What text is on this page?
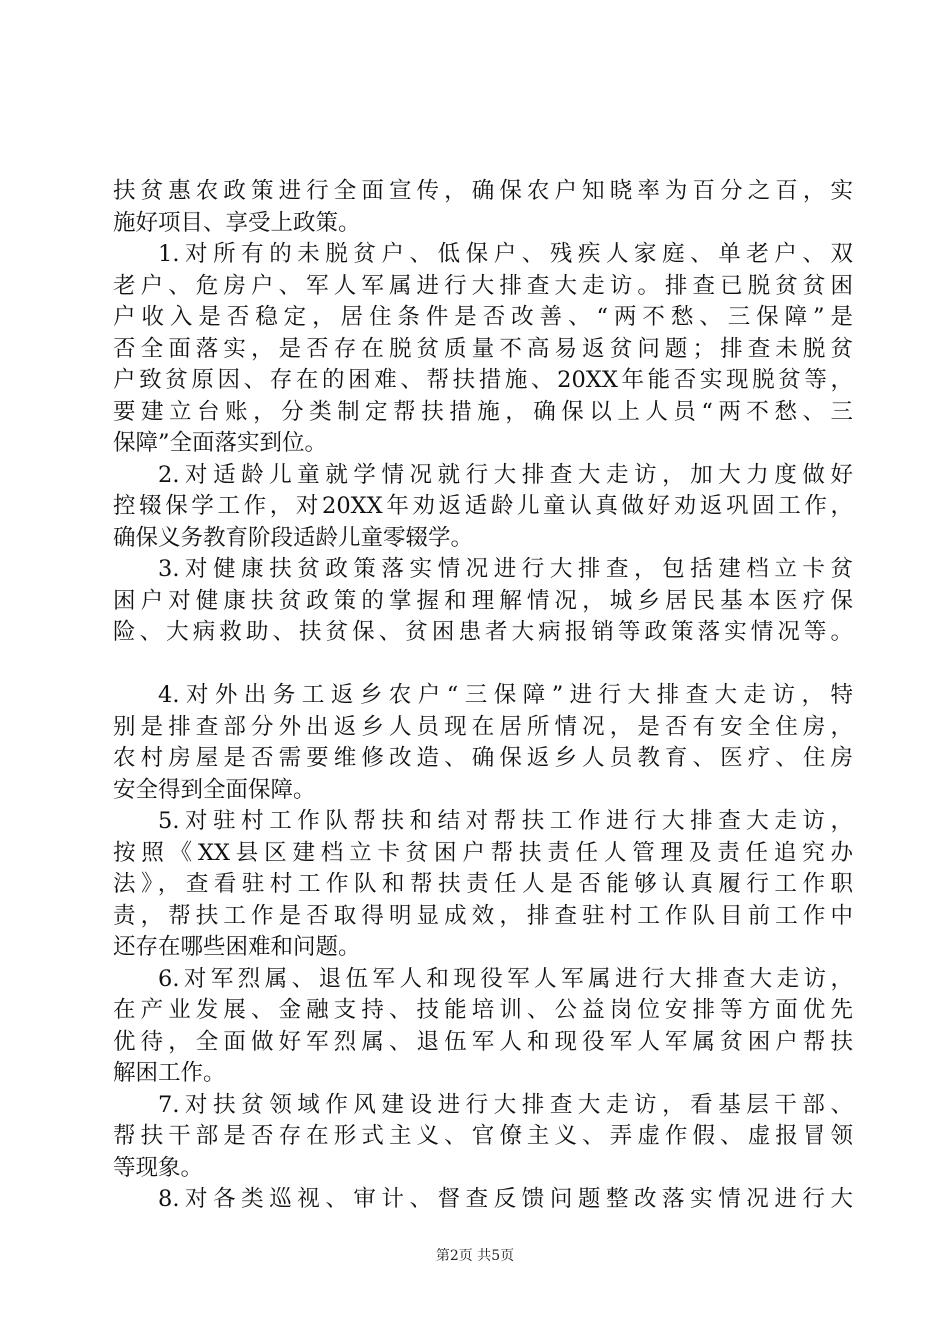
扶贫惠农政策进行全面宣传，确保农户知晓率为百分之百，实
施好项目、享受上政策。
1.对所有的未脱贫户、低保户、残疾人家庭、单老户、双
老户、危房户、军人军属进行大排查大走访。排查已脱贫贫困
户收入是否稳定，居住条件是否改善、“两不愁、三保障”是
否全面落实，是否存在脱贫质量不高易返贫问题；排查未脱贫
户致贫原因、存在的困难、帮扶措施、20XX年能否实现脱贫等，
要建立台账，分类制定帮扶措施，确保以上人员“两不愁、三
保障”全面落实到位。
2.对适龄儿童就学情况就行大排查大走访，加大力度做好
控辍保学工作，对20XX年劝返适龄儿童认真做好劝返巩固工作，
确保义务教育阶段适龄儿童零辍学。
3.对健康扶贫政策落实情况进行大排查，包括建档立卡贫
困户对健康扶贫政策的掌握和理解情况，城乡居民基本医疗保
险、大病救助、扶贫保、贫困患者大病报销等政策落实情况等。
4.对外出务工返乡农户“三保障”进行大排查大走访，特
别是排查部分外出返乡人员现在居所情况，是否有安全住房，
农村房屋是否需要维修改造、确保返乡人员教育、医疗、住房
安全得到全面保障。
5.对驻村工作队帮扶和结对帮扶工作进行大排查大走访，
按照《XX县区建档立卡贫困户帮扶责任人管理及责任追究办
法》，查看驻村工作队和帮扶责任人是否能够认真履行工作职
责，帮扶工作是否取得明显成效，排查驻村工作队目前工作中
还存在哪些困难和问题。
6.对军烈属、退伍军人和现役军人军属进行大排查大走访，
在产业发展、金融支持、技能培训、公益岗位安排等方面优先
优待，全面做好军烈属、退伍军人和现役军人军属贫困户帮扶
解困工作。
7.对扶贫领域作风建设进行大排查大走访，看基层干部、
帮扶干部是否存在形式主义、官僚主义、弄虚作假、虚报冒领
等现象。
8.对各类巡视、审计、督查反馈问题整改落实情况进行大
第2页 共5页
